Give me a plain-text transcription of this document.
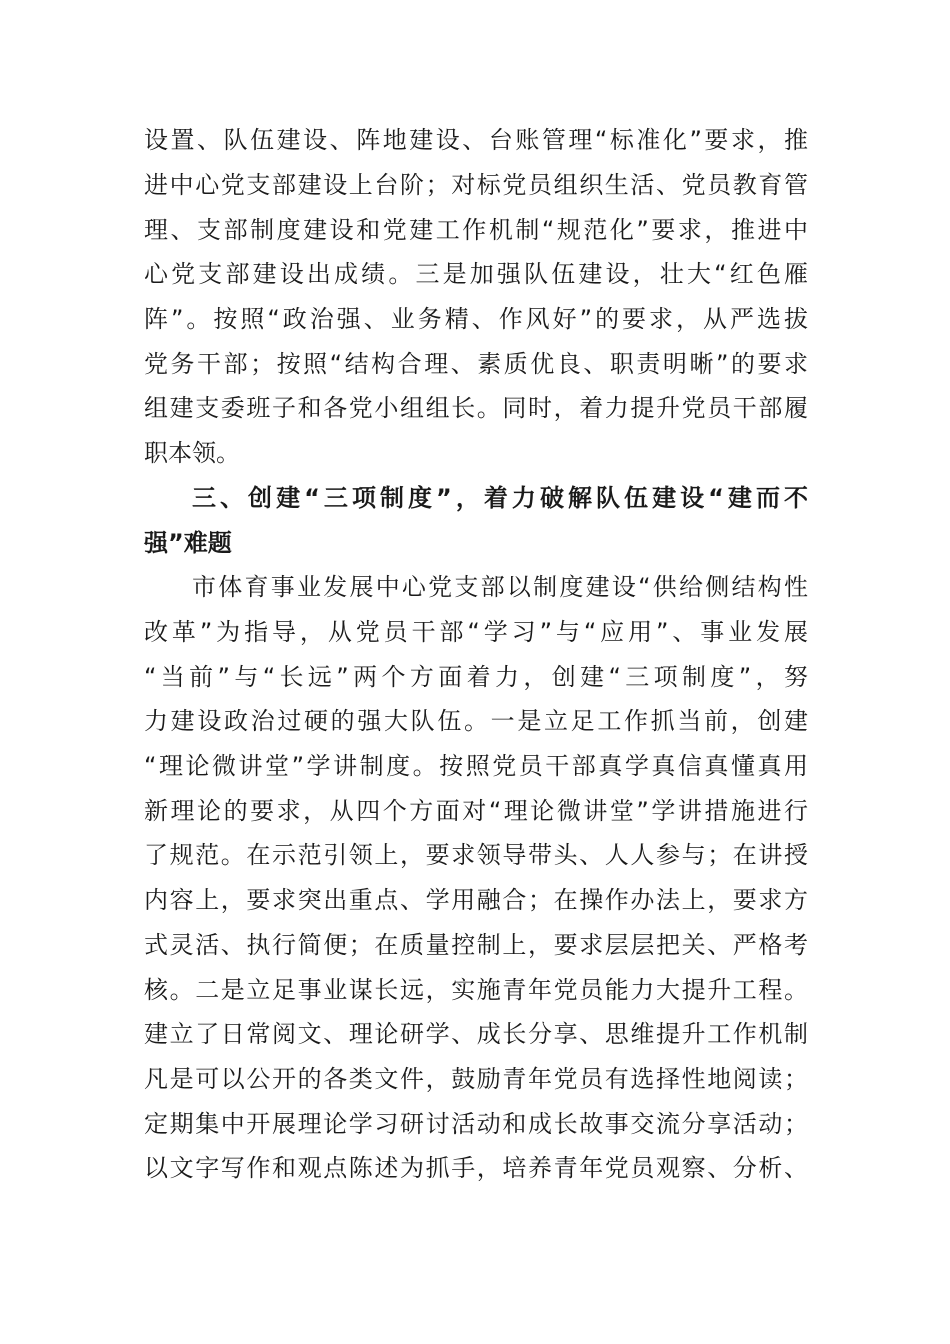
设置、队伍建设、阵地建设、台账管理“标准化”要求，推
进中心党支部建设上台阶；对标党员组织生活、党员教育管
理、支部制度建设和党建工作机制“规范化”要求，推进中
心党支部建设出成绩。三是加强队伍建设，壮大“红色雁
阵”。按照“政治强、业务精、作风好”的要求，从严选拔
党务干部；按照“结构合理、素质优良、职责明晰”的要求
组建支委班子和各党小组组长。同时，着力提升党员干部履
职本领。
三、创建“三项制度”，着力破解队伍建设“建而不
强”难题
市体育事业发展中心党支部以制度建设“供给侧结构性
改革”为指导，从党员干部“学习”与“应用”、事业发展
“当前”与“长远”两个方面着力，创建“三项制度”，努
力建设政治过硬的强大队伍。一是立足工作抓当前，创建
“理论微讲堂”学讲制度。按照党员干部真学真信真懂真用
新理论的要求，从四个方面对“理论微讲堂”学讲措施进行
了规范。在示范引领上，要求领导带头、人人参与；在讲授
内容上，要求突出重点、学用融合；在操作办法上，要求方
式灵活、执行简便；在质量控制上，要求层层把关、严格考
核。二是立足事业谋长远，实施青年党员能力大提升工程。
建立了日常阅文、理论研学、成长分享、思维提升工作机制
凡是可以公开的各类文件，鼓励青年党员有选择性地阅读；
定期集中开展理论学习研讨活动和成长故事交流分享活动；
以文字写作和观点陈述为抓手，培养青年党员观察、分析、
